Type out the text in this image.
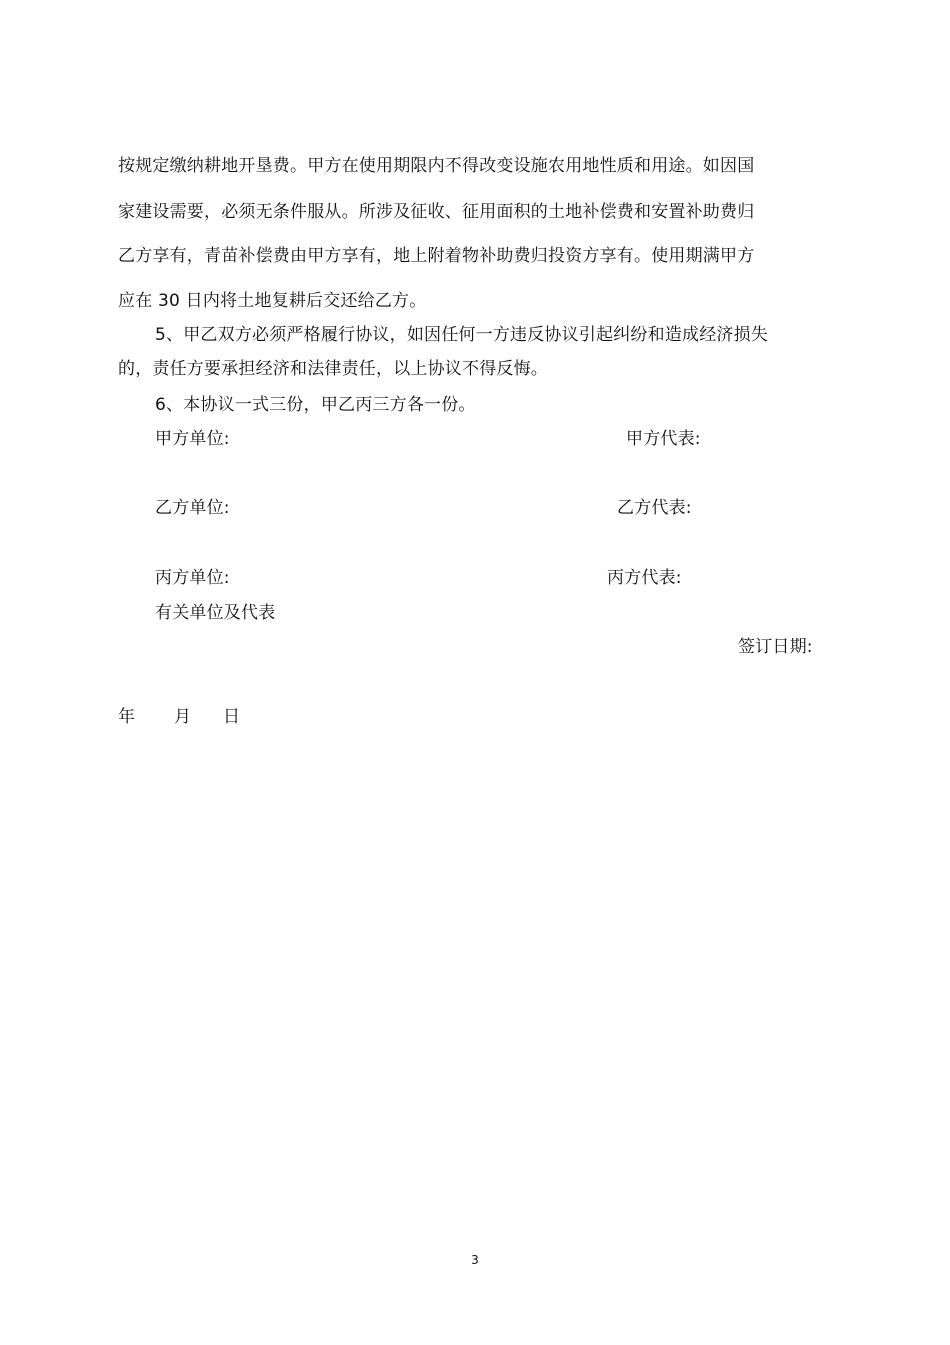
按规定缴纳耕地开垦费。甲方在使用期限内不得改变设施农用地性质和用途。如因国
家建设需要，必须无条件服从。所涉及征收、征用面积的土地补偿费和安置补助费归
乙方享有，青苗补偿费由甲方享有，地上附着物补助费归投资方享有。使用期满甲方
应在 30 日内将土地复耕后交还给乙方。
5、甲乙双方必须严格履行协议，如因任何一方违反协议引起纠纷和造成经济损失
的，责任方要承担经济和法律责任，以上协议不得反悔。
6、本协议一式三份，甲乙丙三方各一份。
甲方单位:	甲方代表:
乙方单位:	乙方代表:
丙方单位:	丙方代表:
有关单位及代表
签订日期:
年 月 日
3
